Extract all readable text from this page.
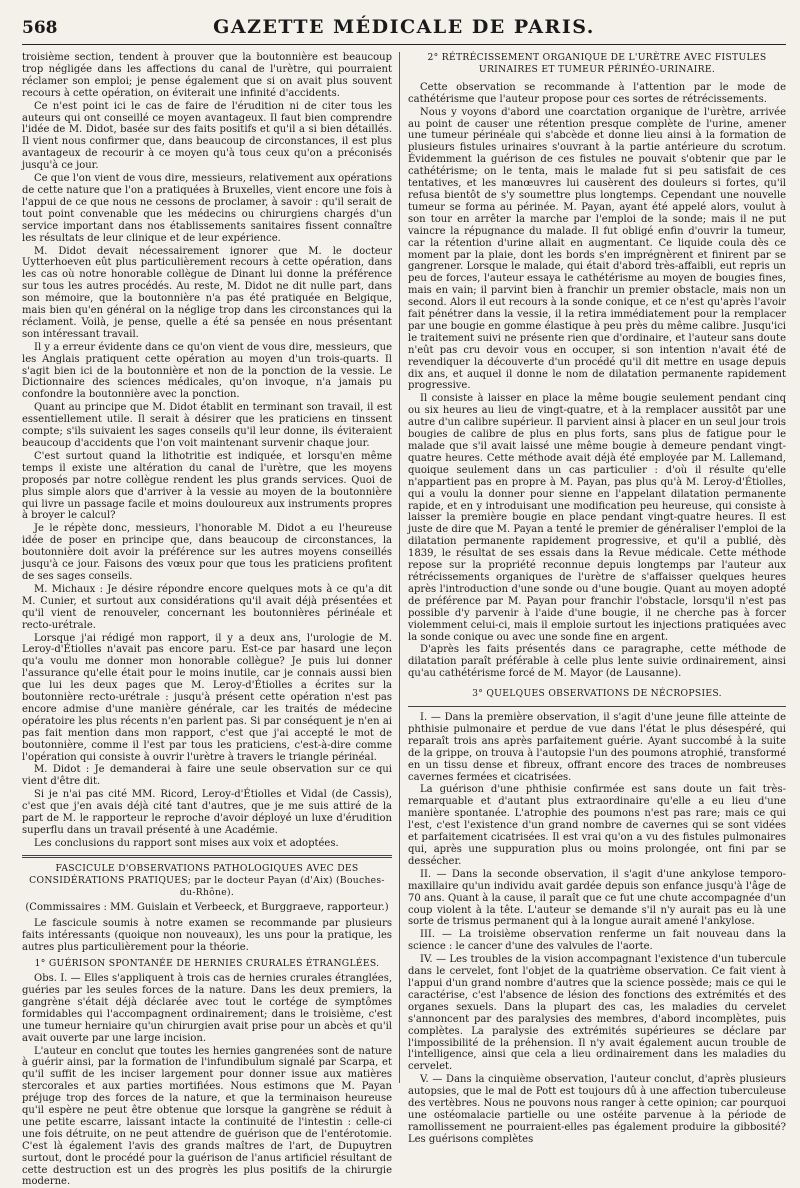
568	GAZETTE MÉDICALE DE PARIS.

troisième section, tendent à prouver que la boutonnière est beaucoup trop négligée dans les affections du canal de l'urètre, qui pourraient réclamer son emploi; je pense également que si on avait plus souvent recours à cette opération, on éviterait une infinité d'accidents.

Ce n'est point ici le cas de faire de l'érudition ni de citer tous les auteurs qui ont conseillé ce moyen avantageux. Il faut bien comprendre l'idée de M. Didot, basée sur des faits positifs et qu'il a si bien détaillés. Il vient nous confirmer que, dans beaucoup de circonstances, il est plus avantageux de recourir à ce moyen qu'à tous ceux qu'on a préconisés jusqu'à ce jour.

Ce que l'on vient de vous dire, messieurs, relativement aux opérations de cette nature que l'on a pratiquées à Bruxelles, vient encore une fois à l'appui de ce que nous ne cessons de proclamer, à savoir : qu'il serait de tout point convenable que les médecins ou chirurgiens chargés d'un service important dans nos établissements sanitaires fissent connaître les résultats de leur clinique et de leur expérience.

M. Didot devait nécessairement ignorer que M. le docteur Uytterhoeven eût plus particulièrement recours à cette opération, dans les cas où notre honorable collègue de Dinant lui donne la préférence sur tous les autres procédés. Au reste, M. Didot ne dit nulle part, dans son mémoire, que la boutonnière n'a pas été pratiquée en Belgique, mais bien qu'en général on la néglige trop dans les circonstances qui la réclament. Voilà, je pense, quelle a été sa pensée en nous présentant son intéressant travail.

Il y a erreur évidente dans ce qu'on vient de vous dire, messieurs, que les Anglais pratiquent cette opération au moyen d'un trois-quarts. Il s'agit bien ici de la boutonnière et non de la ponction de la vessie. Le Dictionnaire des sciences médicales, qu'on invoque, n'a jamais pu confondre la boutonnière avec la ponction.

Quant au principe que M. Didot établit en terminant son travail, il est essentiellement utile. Il serait à désirer que les praticiens en tinssent compte; s'ils suivaient les sages conseils qu'il leur donne, ils éviteraient beaucoup d'accidents que l'on voit maintenant survenir chaque jour.

C'est surtout quand la lithotritie est indiquée, et lorsqu'en même temps il existe une altération du canal de l'urètre, que les moyens proposés par notre collègue rendent les plus grands services. Quoi de plus simple alors que d'arriver à la vessie au moyen de la boutonnière qui livre un passage facile et moins douloureux aux instruments propres à broyer le calcul?

Je le répète donc, messieurs, l'honorable M. Didot a eu l'heureuse idée de poser en principe que, dans beaucoup de circonstances, la boutonnière doit avoir la préférence sur les autres moyens conseillés jusqu'à ce jour. Faisons des vœux pour que tous les praticiens profitent de ses sages conseils.

M. Michaux : Je désire répondre encore quelques mots à ce qu'a dit M. Cunier, et surtout aux considérations qu'il avait déjà présentées et qu'il vient de renouveler, concernant les boutonnières périnéale et recto-urétrale.

Lorsque j'ai rédigé mon rapport, il y a deux ans, l'urologie de M. Leroy-d'Étiolles n'avait pas encore paru. Est-ce par hasard une leçon qu'a voulu me donner mon honorable collègue? Je puis lui donner l'assurance qu'elle était pour le moins inutile, car je connais aussi bien que lui les deux pages que M. Leroy-d'Étiolles a écrites sur la boutonnière recto-urétrale : jusqu'à présent cette opération n'est pas encore admise d'une manière générale, car les traités de médecine opératoire les plus récents n'en parlent pas. Si par conséquent je n'en ai pas fait mention dans mon rapport, c'est que j'ai accepté le mot de boutonnière, comme il l'est par tous les praticiens, c'est-à-dire comme l'opération qui consiste à ouvrir l'urètre à travers le triangle périnéal.

M. Didot : Je demanderai à faire une seule observation sur ce qui vient d'être dit.

Si je n'ai pas cité MM. Ricord, Leroy-d'Étiolles et Vidal (de Cassis), c'est que j'en avais déjà cité tant d'autres, que je me suis attiré de la part de M. le rapporteur le reproche d'avoir déployé un luxe d'érudition superflu dans un travail présenté à une Académie.

Les conclusions du rapport sont mises aux voix et adoptées.

FASCICULE D'OBSERVATIONS PATHOLOGIQUES AVEC DES CONSIDÉRATIONS PRATIQUES; par le docteur Payan (d'Aix) (Bouches-du-Rhône).
(Commissaires : MM. Guislain et Verbeeck, et Burggraeve, rapporteur.)

Le fascicule soumis à notre examen se recommande par plusieurs faits intéressants (quoique non nouveaux), les uns pour la pratique, les autres plus particulièrement pour la théorie.

1° GUÉRISON SPONTANÉE DE HERNIES CRURALES ÉTRANGLÉES.

Obs. I. — Elles s'appliquent à trois cas de hernies crurales étranglées, guéries par les seules forces de la nature. Dans les deux premiers, la gangrène s'était déjà déclarée avec tout le cortége de symptômes formidables qui l'accompagnent ordinairement; dans le troisième, c'est une tumeur herniaire qu'un chirurgien avait prise pour un abcès et qu'il avait ouverte par une large incision.

L'auteur en conclut que toutes les hernies gangrenées sont de nature à guérir ainsi, par la formation de l'infundibulum signalé par Scarpa, et qu'il suffit de les inciser largement pour donner issue aux matières stercorales et aux parties mortifiées. Nous estimons que M. Payan préjuge trop des forces de la nature, et que la terminaison heureuse qu'il espère ne peut être obtenue que lorsque la gangrène se réduit à une petite escarre, laissant intacte la continuité de l'intestin : celle-ci une fois détruite, on ne peut attendre de guérison que de l'entérotomie. C'est là également l'avis des grands maîtres de l'art, de Dupuytren surtout, dont le procédé pour la guérison de l'anus artificiel résultant de cette destruction est un des progrès les plus positifs de la chirurgie moderne.

2° RÉTRÉCISSEMENT ORGANIQUE DE L'URÈTRE AVEC FISTULES URINAIRES ET TUMEUR PÉRINÉO-URINAIRE.

Cette observation se recommande à l'attention par le mode de cathétérisme que l'auteur propose pour ces sortes de rétrécissements.

Nous y voyons d'abord une coarctation organique de l'urètre, arrivée au point de causer une rétention presque complète de l'urine, amener une tumeur périnéale qui s'abcède et donne lieu ainsi à la formation de plusieurs fistules urinaires s'ouvrant à la partie antérieure du scrotum. Évidemment la guérison de ces fistules ne pouvait s'obtenir que par le cathétérisme; on le tenta, mais le malade fut si peu satisfait de ces tentatives, et les manœuvres lui causèrent des douleurs si fortes, qu'il refusa bientôt de s'y soumettre plus longtemps. Cependant une nouvelle tumeur se forma au périnée. M. Payan, ayant été appelé alors, voulut à son tour en arrêter la marche par l'emploi de la sonde; mais il ne put vaincre la répugnance du malade. Il fut obligé enfin d'ouvrir la tumeur, car la rétention d'urine allait en augmentant. Ce liquide coula dès ce moment par la plaie, dont les bords s'en imprégnèrent et finirent par se gangrener. Lorsque le malade, qui était d'abord très-affaibli, eut repris un peu de forces, l'auteur essaya le cathétérisme au moyen de bougies fines, mais en vain; il parvint bien à franchir un premier obstacle, mais non un second. Alors il eut recours à la sonde conique, et ce n'est qu'après l'avoir fait pénétrer dans la vessie, il la retira immédiatement pour la remplacer par une bougie en gomme élastique à peu près du même calibre. Jusqu'ici le traitement suivi ne présente rien que d'ordinaire, et l'auteur sans doute n'eût pas cru devoir vous en occuper, si son intention n'avait été de revendiquer la découverte d'un procédé qu'il dit mettre en usage depuis dix ans, et auquel il donne le nom de dilatation permanente rapidement progressive.

Il consiste à laisser en place la même bougie seulement pendant cinq ou six heures au lieu de vingt-quatre, et à la remplacer aussitôt par une autre d'un calibre supérieur. Il parvient ainsi à placer en un seul jour trois bougies de calibre de plus en plus forts, sans plus de fatigue pour le malade que s'il avait laissé une même bougie à demeure pendant vingt-quatre heures. Cette méthode avait déjà été employée par M. Lallemand, quoique seulement dans un cas particulier : d'où il résulte qu'elle n'appartient pas en propre à M. Payan, pas plus qu'à M. Leroy-d'Étiolles, qui a voulu la donner pour sienne en l'appelant dilatation permanente rapide, et en y introduisant une modification peu heureuse, qui consiste à laisser la première bougie en place pendant vingt-quatre heures. Il est juste de dire que M. Payan a tenté le premier de généraliser l'emploi de la dilatation permanente rapidement progressive, et qu'il a publié, dès 1839, le résultat de ses essais dans la Revue médicale. Cette méthode repose sur la propriété reconnue depuis longtemps par l'auteur aux rétrécissements organiques de l'urètre de s'affaisser quelques heures après l'introduction d'une sonde ou d'une bougie. Quant au moyen adopté de préférence par M. Payan pour franchir l'obstacle, lorsqu'il n'est pas possible d'y parvenir à l'aide d'une bougie, il ne cherche pas à forcer violemment celui-ci, mais il emploie surtout les injections pratiquées avec la sonde conique ou avec une sonde fine en argent.

D'après les faits présentés dans ce paragraphe, cette méthode de dilatation paraît préférable à celle plus lente suivie ordinairement, ainsi qu'au cathétérisme forcé de M. Mayor (de Lausanne).

3° QUELQUES OBSERVATIONS DE NÉCROPSIES.

I. — Dans la première observation, il s'agit d'une jeune fille atteinte de phthisie pulmonaire et perdue de vue dans l'état le plus désespéré, qui reparaît trois ans après parfaitement guérie. Ayant succombé à la suite de la grippe, on trouva à l'autopsie l'un des poumons atrophié, transformé en un tissu dense et fibreux, offrant encore des traces de nombreuses cavernes fermées et cicatrisées.

La guérison d'une phthisie confirmée est sans doute un fait très-remarquable et d'autant plus extraordinaire qu'elle a eu lieu d'une manière spontanée. L'atrophie des poumons n'est pas rare; mais ce qui l'est, c'est l'existence d'un grand nombre de cavernes qui se sont vidées et parfaitement cicatrisées. Il est vrai qu'on a vu des fistules pulmonaires qui, après une suppuration plus ou moins prolongée, ont fini par se dessécher.

II. — Dans la seconde observation, il s'agit d'une ankylose temporo-maxillaire qu'un individu avait gardée depuis son enfance jusqu'à l'âge de 70 ans. Quant à la cause, il paraît que ce fut une chute accompagnée d'un coup violent à la tête. L'auteur se demande s'il n'y aurait pas eu là une sorte de trismus permanent qui à la longue aurait amené l'ankylose.

III. — La troisième observation renferme un fait nouveau dans la science : le cancer d'une des valvules de l'aorte.

IV. — Les troubles de la vision accompagnant l'existence d'un tubercule dans le cervelet, font l'objet de la quatrième observation. Ce fait vient à l'appui d'un grand nombre d'autres que la science possède; mais ce qui le caractérise, c'est l'absence de lésion des fonctions des extrémités et des organes sexuels. Dans la plupart des cas, les maladies du cervelet s'annoncent par des paralysies des membres, d'abord incomplètes, puis complètes. La paralysie des extrémités supérieures se déclare par l'impossibilité de la préhension. Il n'y avait également aucun trouble de l'intelligence, ainsi que cela a lieu ordinairement dans les maladies du cervelet.

V. — Dans la cinquième observation, l'auteur conclut, d'après plusieurs autopsies, que le mal de Pott est toujours dû à une affection tuberculeuse des vertèbres. Nous ne pouvons nous ranger à cette opinion; car pourquoi une ostéomalacie partielle ou une ostéite parvenue à la période de ramollissement ne pourraient-elles pas également produire la gibbosité? Les guérisons complètes
